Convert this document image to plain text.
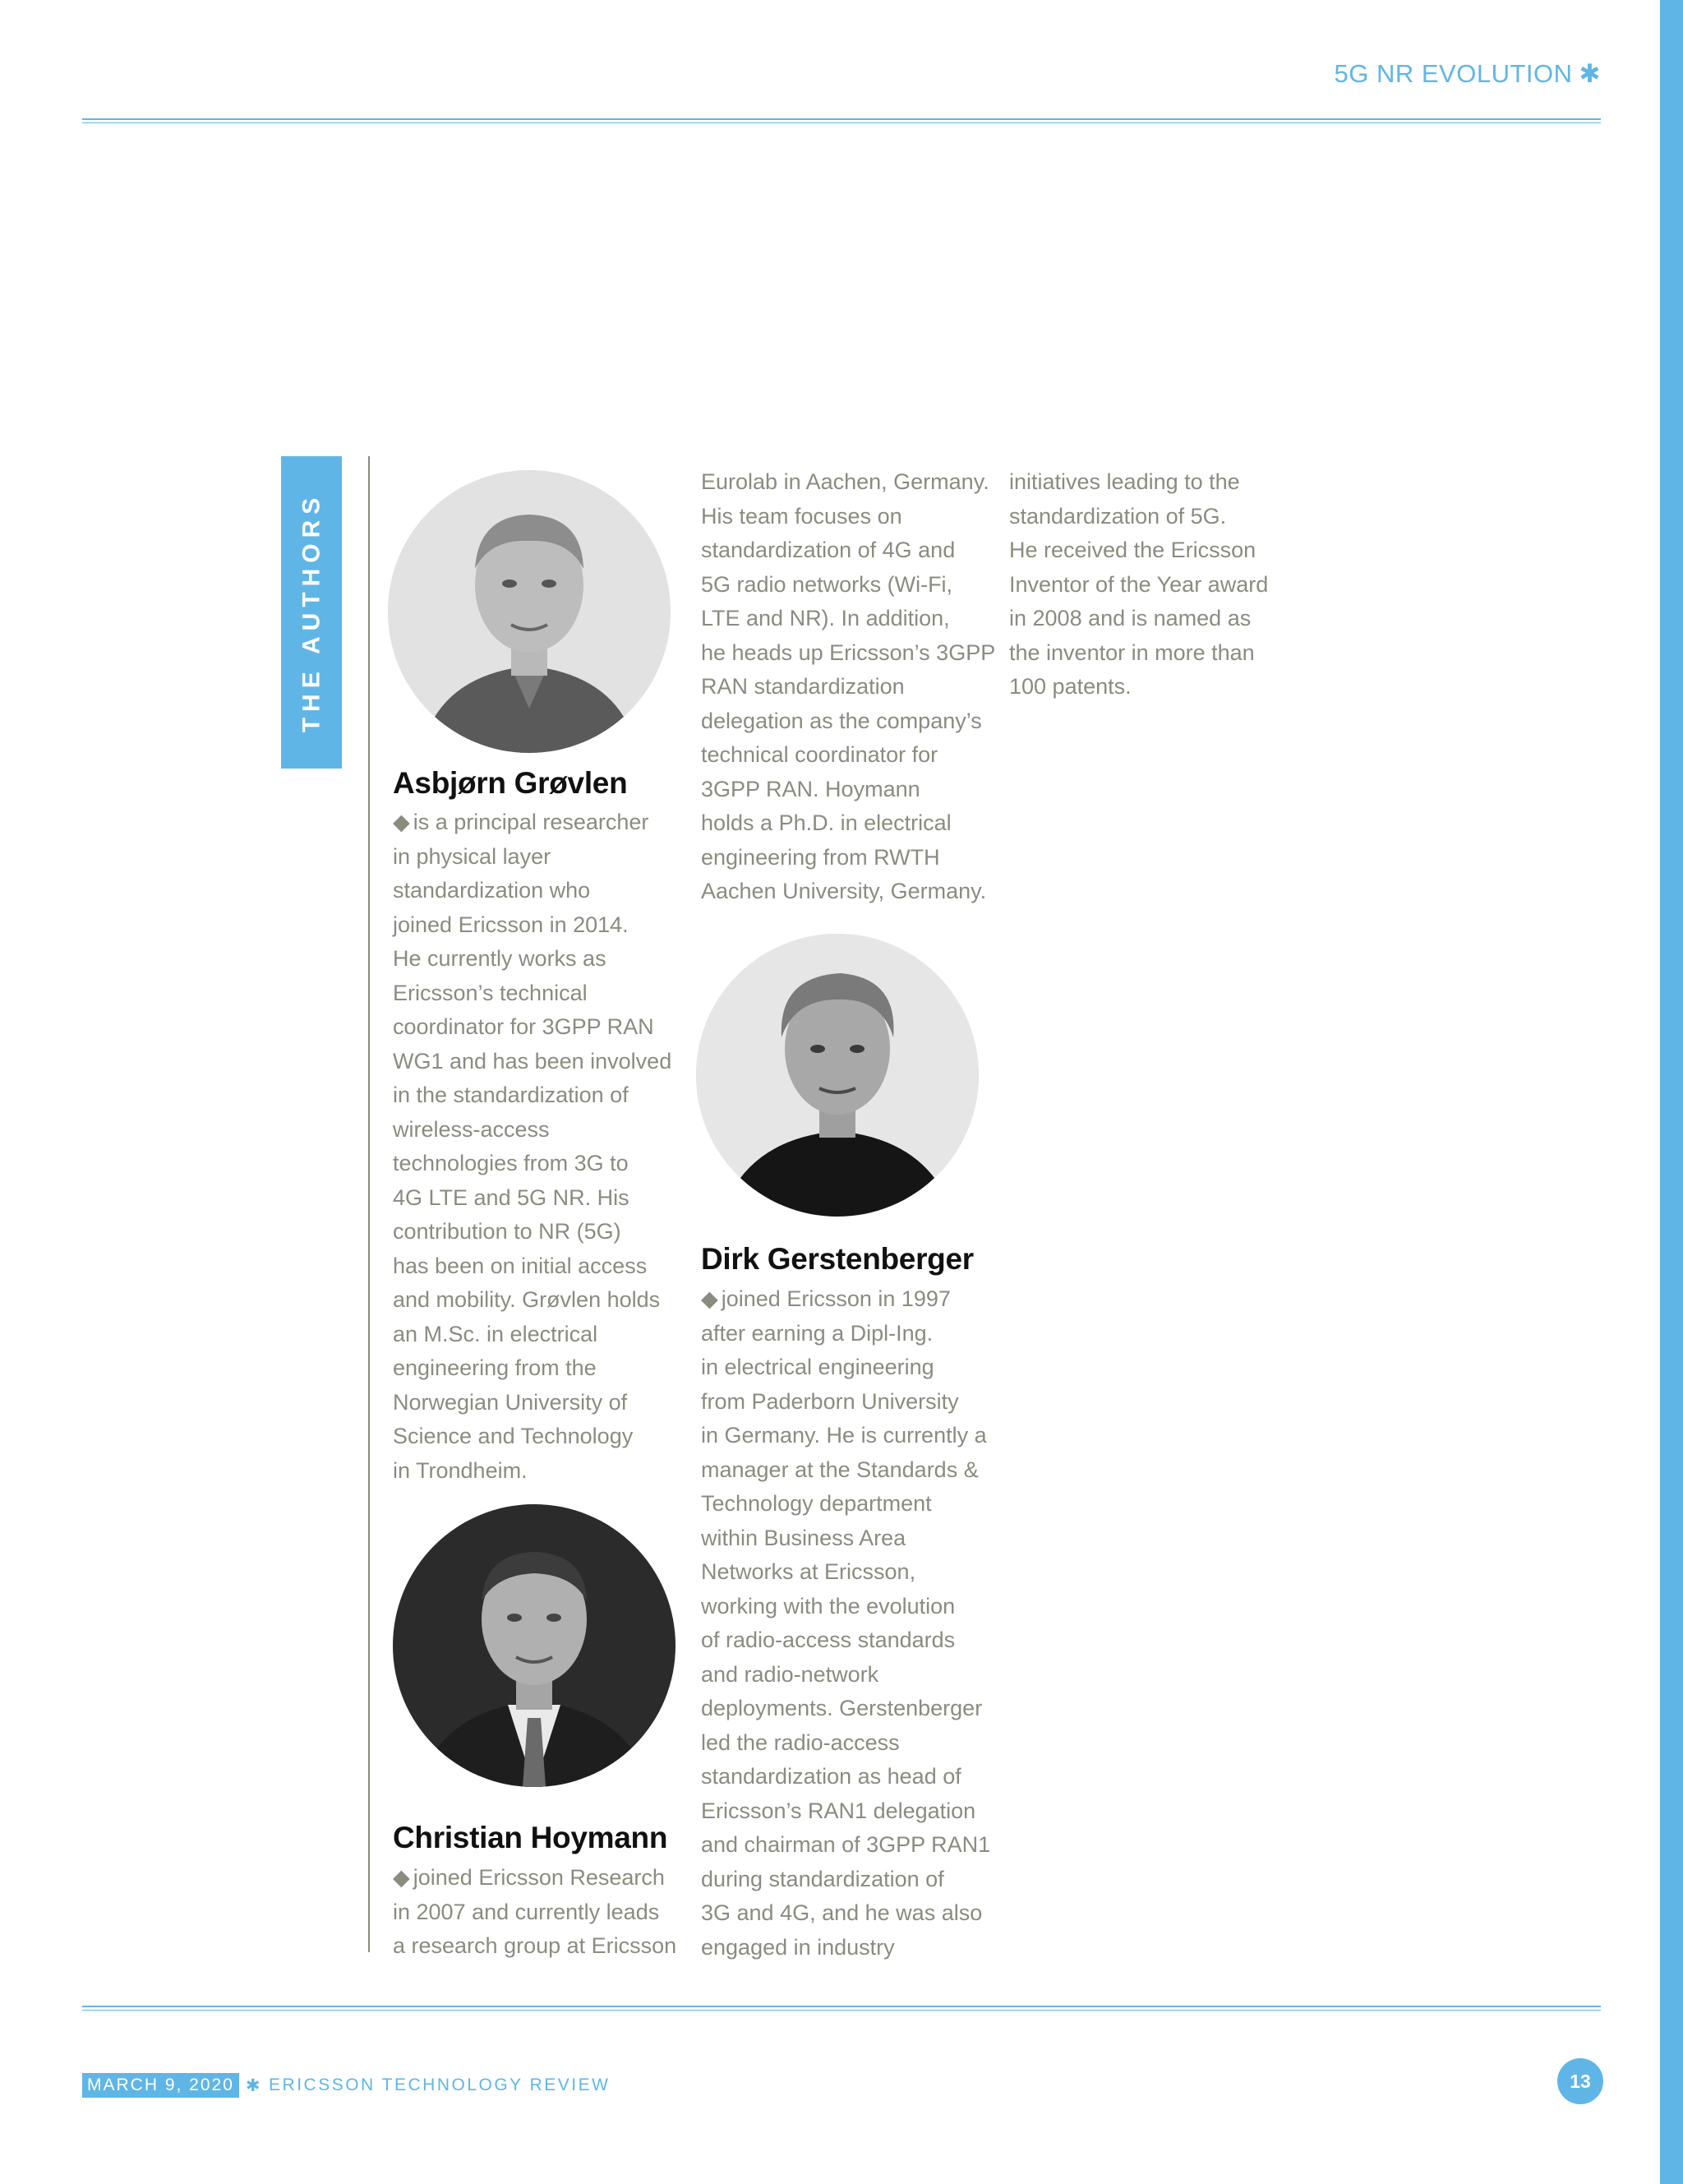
5G NR EVOLUTION ✱
THE AUTHORS
Asbjørn Grøvlen
◆ is a principal researcher
in physical layer
standardization who
joined Ericsson in 2014.
He currently works as
Ericsson’s technical
coordinator for 3GPP RAN
WG1 and has been involved
in the standardization of
wireless-access
technologies from 3G to
4G LTE and 5G NR. His
contribution to NR (5G)
has been on initial access
and mobility. Grøvlen holds
an M.Sc. in electrical
engineering from the
Norwegian University of
Science and Technology
in Trondheim.
Christian Hoymann
◆ joined Ericsson Research
in 2007 and currently leads
a research group at Ericsson
Eurolab in Aachen, Germany.
His team focuses on
standardization of 4G and
5G radio networks (Wi-Fi,
LTE and NR). In addition,
he heads up Ericsson’s 3GPP
RAN standardization
delegation as the company’s
technical coordinator for
3GPP RAN. Hoymann
holds a Ph.D. in electrical
engineering from RWTH
Aachen University, Germany.
Dirk Gerstenberger
◆ joined Ericsson in 1997
after earning a Dipl-Ing.
in electrical engineering
from Paderborn University
in Germany. He is currently a
manager at the Standards &
Technology department
within Business Area
Networks at Ericsson,
working with the evolution
of radio-access standards
and radio-network
deployments. Gerstenberger
led the radio-access
standardization as head of
Ericsson’s RAN1 delegation
and chairman of 3GPP RAN1
during standardization of
3G and 4G, and he was also
engaged in industry
initiatives leading to the
standardization of 5G.
He received the Ericsson
Inventor of the Year award
in 2008 and is named as
the inventor in more than
100 patents.
MARCH 9, 2020 ✱ ERICSSON TECHNOLOGY REVIEW	13
